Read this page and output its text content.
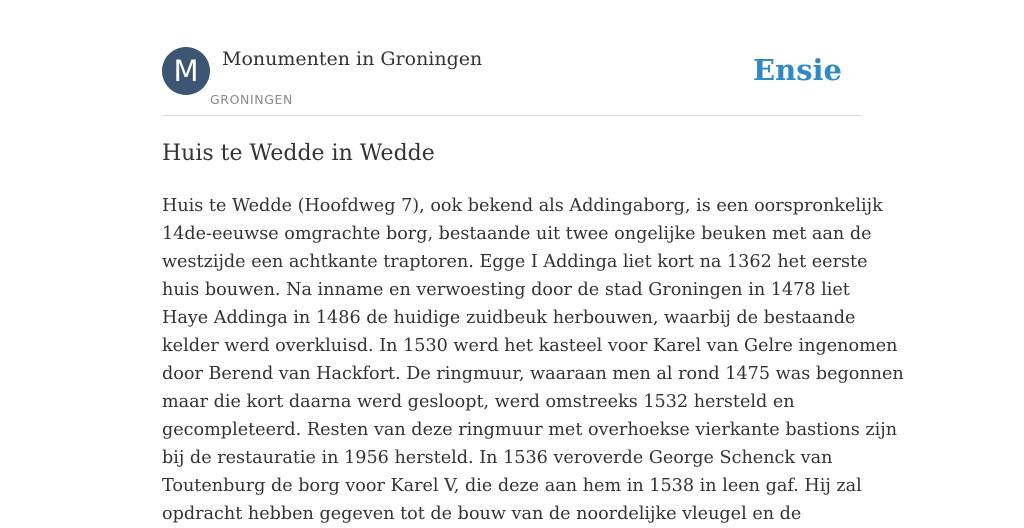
M	Monumenten in Groningen
GRONINGEN
Ensie
Huis te Wedde in Wedde
Huis te Wedde (Hoofdweg 7), ook bekend als Addingaborg, is een oorspronkelijk
14de-eeuwse omgrachte borg, bestaande uit twee ongelijke beuken met aan de
westzijde een achtkante traptoren. Egge I Addinga liet kort na 1362 het eerste
huis bouwen. Na inname en verwoesting door de stad Groningen in 1478 liet
Haye Addinga in 1486 de huidige zuidbeuk herbouwen, waarbij de bestaande
kelder werd overkluisd. In 1530 werd het kasteel voor Karel van Gelre ingenomen
door Berend van Hackfort. De ringmuur, waaraan men al rond 1475 was begonnen
maar die kort daarna werd gesloopt, werd omstreeks 1532 hersteld en
gecompleteerd. Resten van deze ringmuur met overhoekse vierkante bastions zijn
bij de restauratie in 1956 hersteld. In 1536 veroverde George Schenck van
Toutenburg de borg voor Karel V, die deze aan hem in 1538 in leen gaf. Hij zal
opdracht hebben gegeven tot de bouw van de noordelijke vleugel en de
